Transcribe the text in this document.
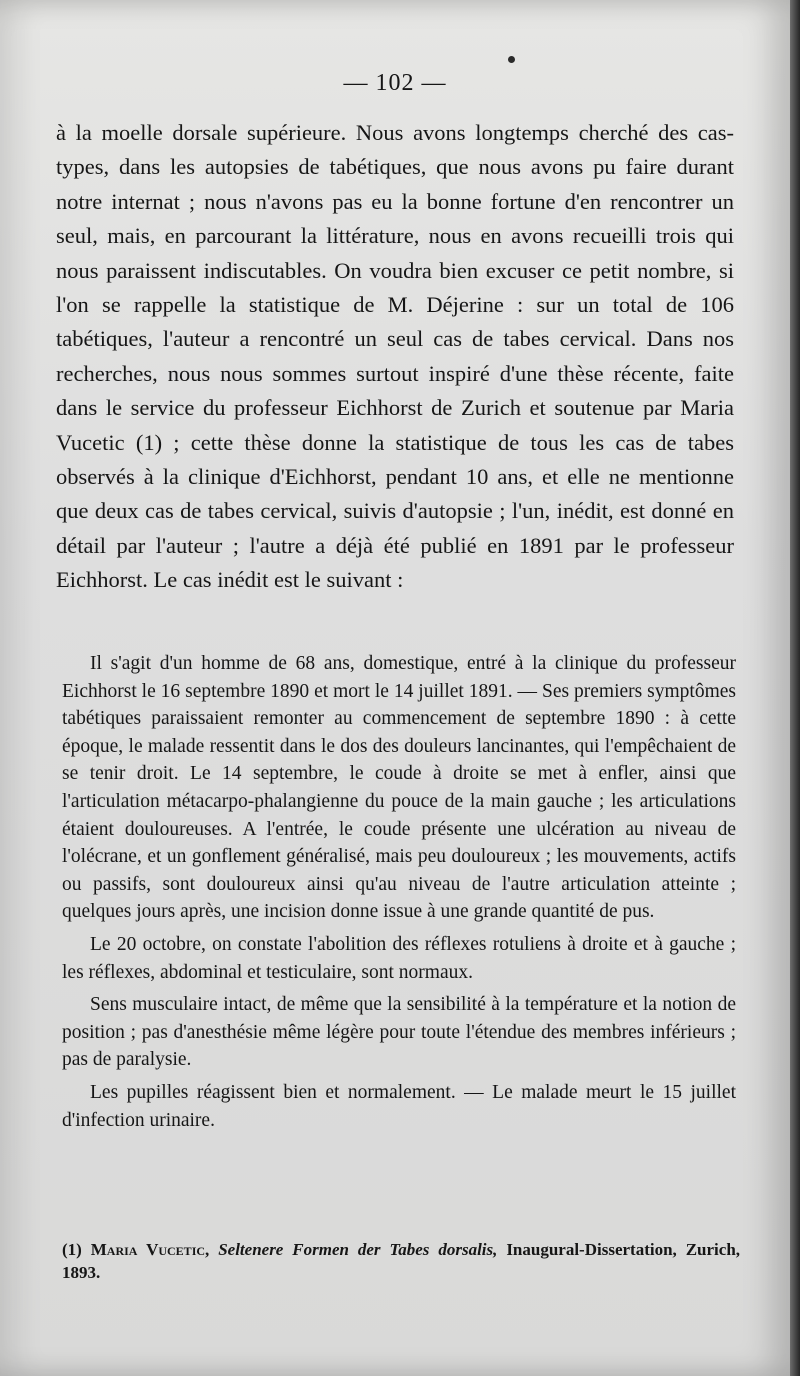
— 102 —

à la moelle dorsale supérieure. Nous avons longtemps cherché des cas-types, dans les autopsies de tabétiques, que nous avons pu faire durant notre internat ; nous n'avons pas eu la bonne fortune d'en rencontrer un seul, mais, en parcourant la littérature, nous en avons recueilli trois qui nous paraissent indiscutables. On voudra bien excuser ce petit nombre, si l'on se rappelle la statistique de M. Déjerine : sur un total de 106 tabétiques, l'auteur a rencontré un seul cas de tabes cervical. Dans nos recherches, nous nous sommes surtout inspiré d'une thèse récente, faite dans le service du professeur Eichhorst de Zurich et soutenue par Maria Vucetic (1) ; cette thèse donne la statistique de tous les cas de tabes observés à la clinique d'Eichhorst, pendant 10 ans, et elle ne mentionne que deux cas de tabes cervical, suivis d'autopsie ; l'un, inédit, est donné en détail par l'auteur ; l'autre a déjà été publié en 1891 par le professeur Eichhorst. Le cas inédit est le suivant :

Il s'agit d'un homme de 68 ans, domestique, entré à la clinique du professeur Eichhorst le 16 septembre 1890 et mort le 14 juillet 1891. — Ses premiers symptômes tabétiques paraissaient remonter au commencement de septembre 1890 : à cette époque, le malade ressentit dans le dos des douleurs lancinantes, qui l'empêchaient de se tenir droit. Le 14 septembre, le coude à droite se met à enfler, ainsi que l'articulation métacarpo-phalangienne du pouce de la main gauche ; les articulations étaient douloureuses. A l'entrée, le coude présente une ulcération au niveau de l'olécrane, et un gonflement généralisé, mais peu douloureux ; les mouvements, actifs ou passifs, sont douloureux ainsi qu'au niveau de l'autre articulation atteinte ; quelques jours après, une incision donne issue à une grande quantité de pus.

Le 20 octobre, on constate l'abolition des réflexes rotuliens à droite et à gauche ; les réflexes, abdominal et testiculaire, sont normaux.

Sens musculaire intact, de même que la sensibilité à la température et la notion de position ; pas d'anesthésie même légère pour toute l'étendue des membres inférieurs ; pas de paralysie.

Les pupilles réagissent bien et normalement. — Le malade meurt le 15 juillet d'infection urinaire.

(1) Maria Vucetic, Seltenere Formen der Tabes dorsalis, Inaugural-Dissertation, Zurich, 1893.
